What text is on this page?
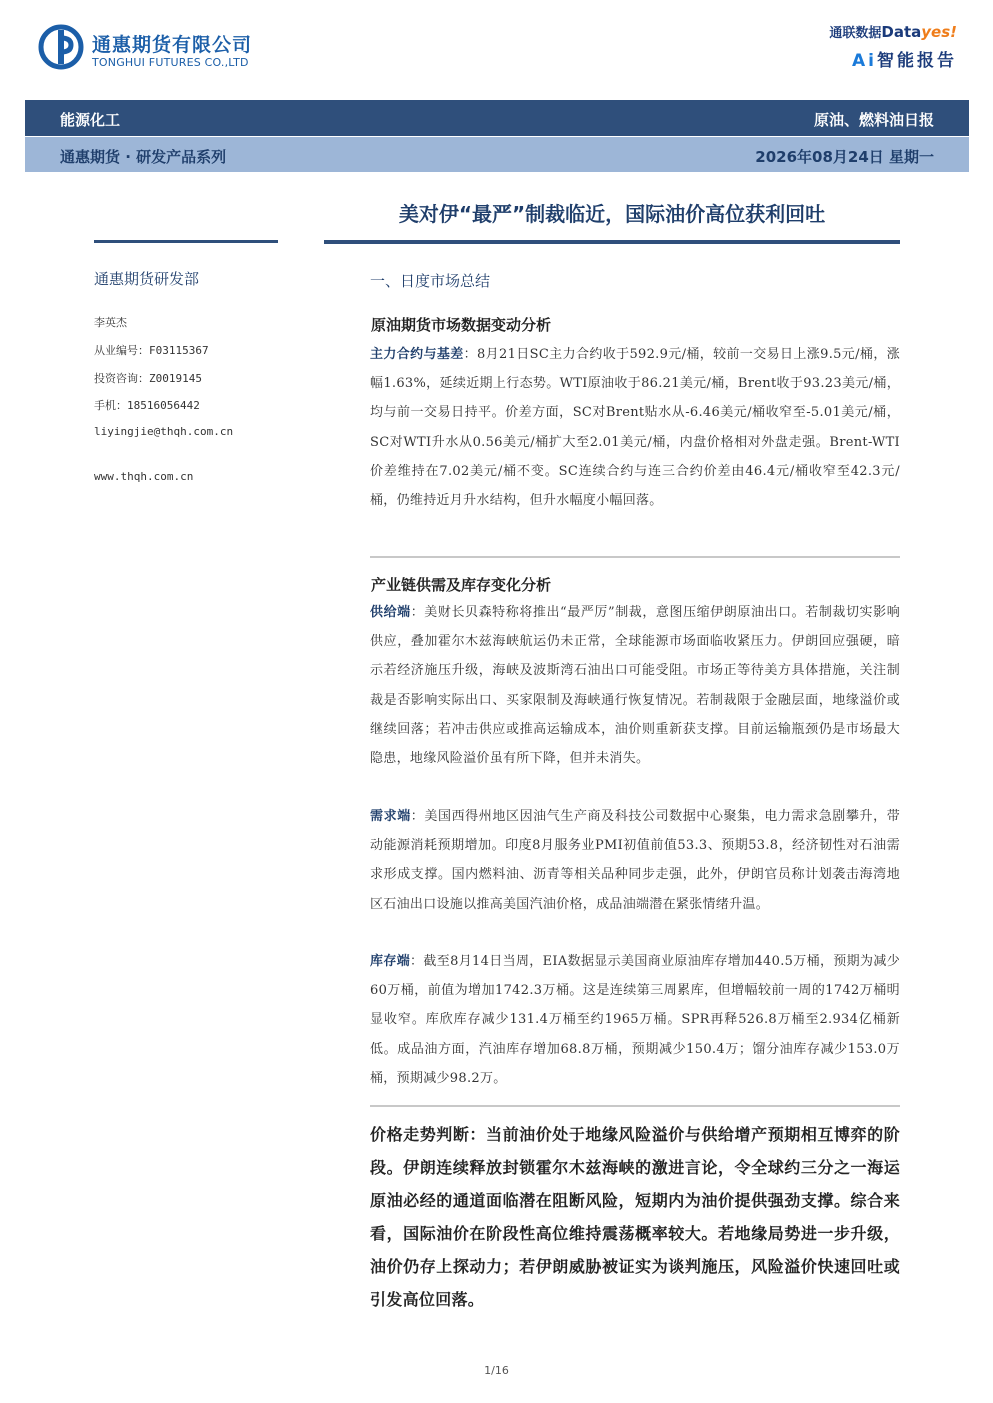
通惠期货有限公司
TONGHUI FUTURES CO.,LTD
通联数据Datayes!
Ai智能报告
能源化工	原油、燃料油日报
通惠期货 · 研发产品系列	2026年08月24日 星期一
美对伊“最严”制裁临近，国际油价高位获利回吐
通惠期货研发部
李英杰
从业编号：F03115367
投资咨询：Z0019145
手机：18516056442
liyingjie@thqh.com.cn
www.thqh.com.cn
一、日度市场总结
原油期货市场数据变动分析
主力合约与基差：8月21日SC主力合约收于592.9元/桶，较前一交易日上涨9.5元/桶，涨幅1.63%，延续近期上行态势。WTI原油收于86.21美元/桶，Brent收于93.23美元/桶，均与前一交易日持平。价差方面，SC对Brent贴水从-6.46美元/桶收窄至-5.01美元/桶，SC对WTI升水从0.56美元/桶扩大至2.01美元/桶，内盘价格相对外盘走强。Brent-WTI价差维持在7.02美元/桶不变。SC连续合约与连三合约价差由46.4元/桶收窄至42.3元/桶，仍维持近月升水结构，但升水幅度小幅回落。
产业链供需及库存变化分析
供给端：美财长贝森特称将推出“最严厉”制裁，意图压缩伊朗原油出口。若制裁切实影响供应，叠加霍尔木兹海峡航运仍未正常，全球能源市场面临收紧压力。伊朗回应强硬，暗示若经济施压升级，海峡及波斯湾石油出口可能受阻。市场正等待美方具体措施，关注制裁是否影响实际出口、买家限制及海峡通行恢复情况。若制裁限于金融层面，地缘溢价或继续回落；若冲击供应或推高运输成本，油价则重新获支撑。目前运输瓶颈仍是市场最大隐患，地缘风险溢价虽有所下降，但并未消失。
需求端：美国西得州地区因油气生产商及科技公司数据中心聚集，电力需求急剧攀升，带动能源消耗预期增加。印度8月服务业PMI初值前值53.3、预期53.8，经济韧性对石油需求形成支撑。国内燃料油、沥青等相关品种同步走强，此外，伊朗官员称计划袭击海湾地区石油出口设施以推高美国汽油价格，成品油端潜在紧张情绪升温。
库存端：截至8月14日当周，EIA数据显示美国商业原油库存增加440.5万桶，预期为减少60万桶，前值为增加1742.3万桶。这是连续第三周累库，但增幅较前一周的1742万桶明显收窄。库欣库存减少131.4万桶至约1965万桶。SPR再释526.8万桶至2.934亿桶新低。成品油方面，汽油库存增加68.8万桶，预期减少150.4万；馏分油库存减少153.0万桶，预期减少98.2万。
价格走势判断：当前油价处于地缘风险溢价与供给增产预期相互博弈的阶段。伊朗连续释放封锁霍尔木兹海峡的激进言论，令全球约三分之一海运原油必经的通道面临潜在阻断风险，短期内为油价提供强劲支撑。综合来看，国际油价在阶段性高位维持震荡概率较大。若地缘局势进一步升级，油价仍存上探动力；若伊朗威胁被证实为谈判施压，风险溢价快速回吐或引发高位回落。
1/16
